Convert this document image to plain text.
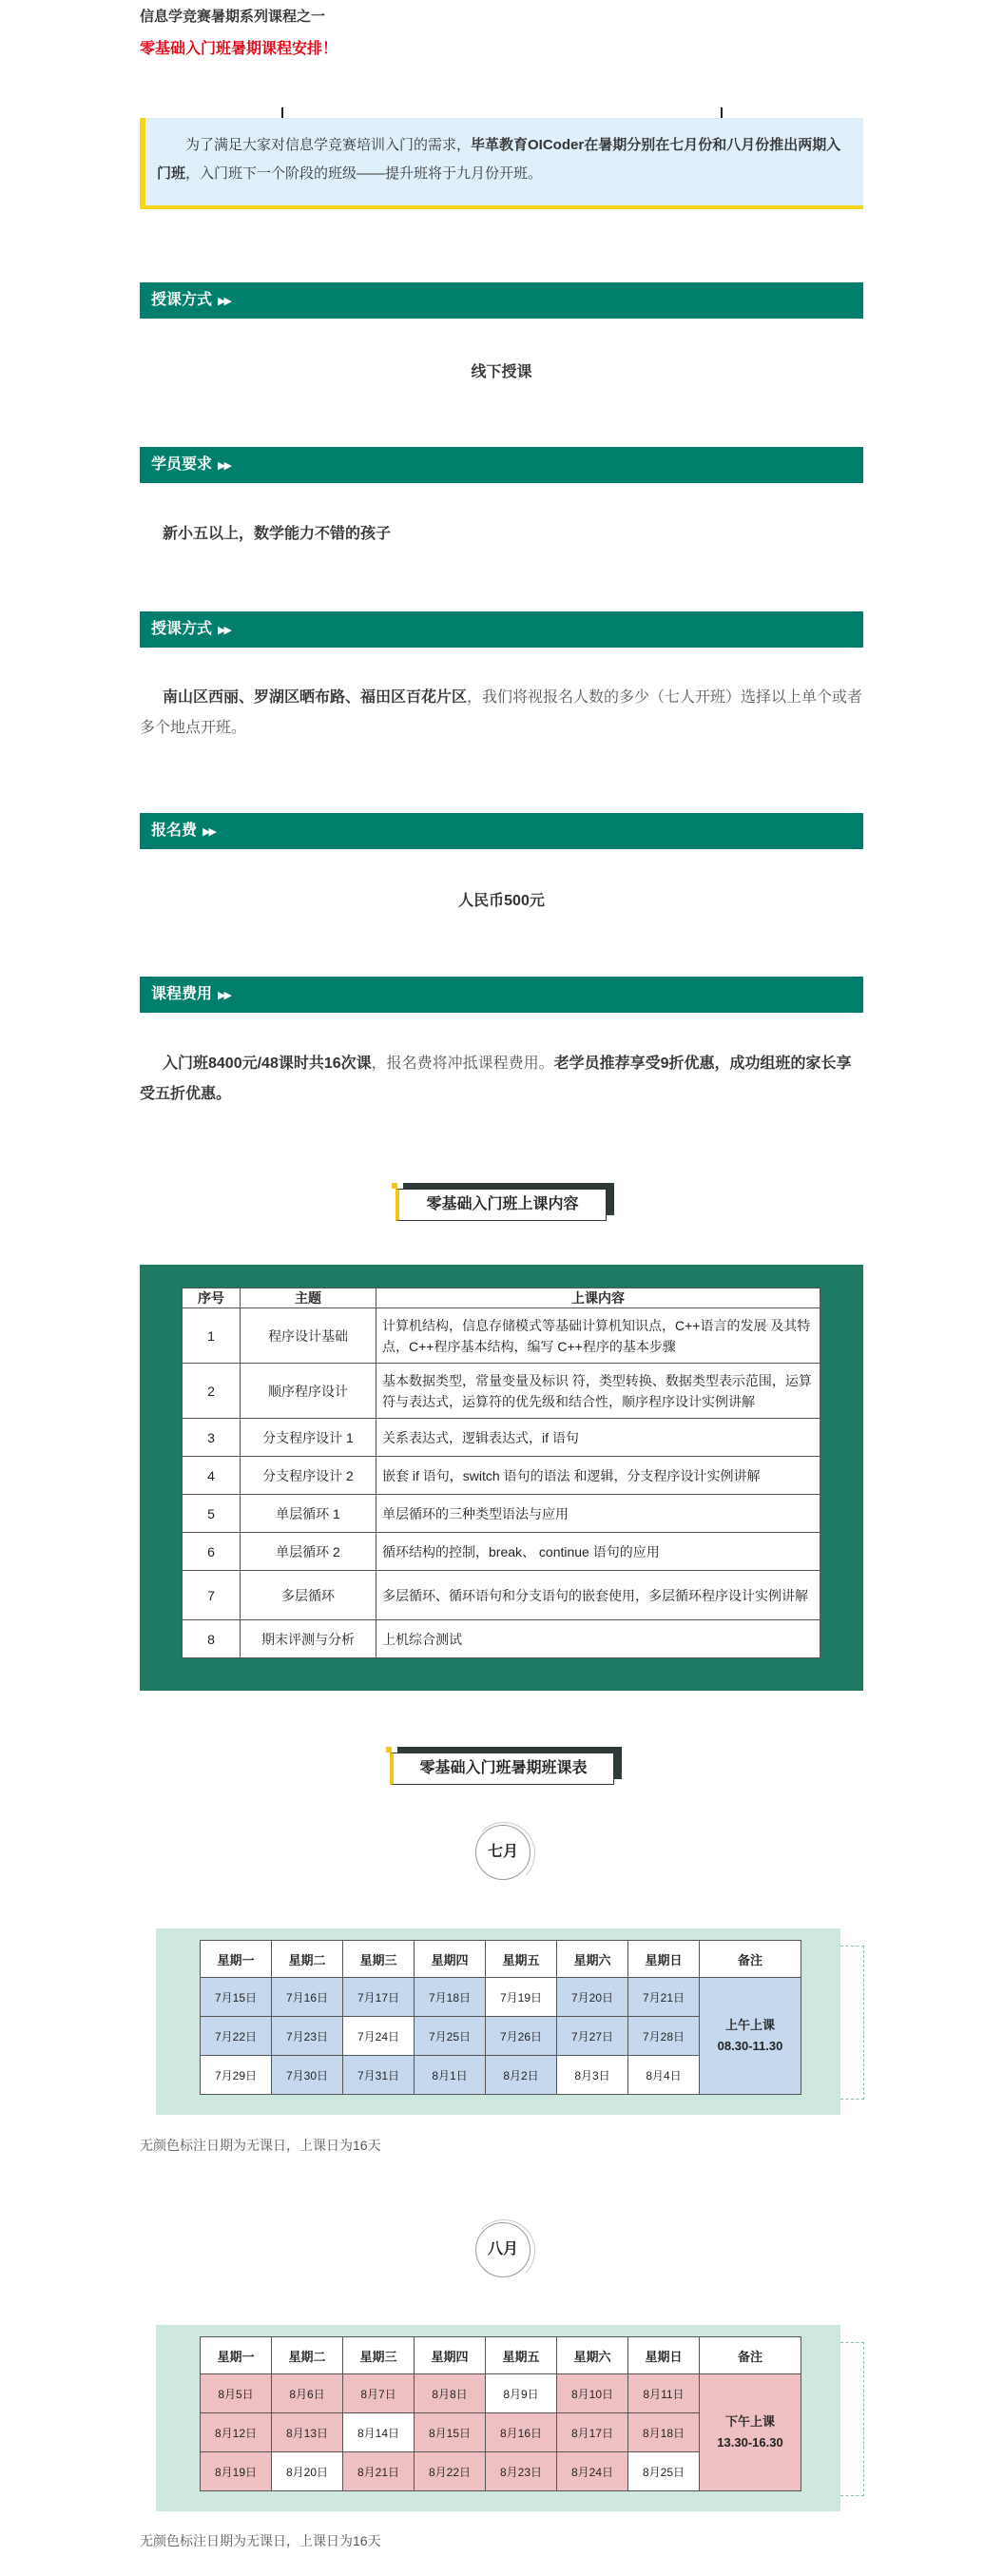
信息学竞赛暑期系列课程之一
零基础入门班暑期课程安排！

为了满足大家对信息学竞赛培训入门的需求，毕革教育OICoder在暑期分别在七月份和八月份推出两期入门班，入门班下一个阶段的班级——提升班将于九月份开班。

授课方式 ▶▶
线下授课
学员要求 ▶▶
新小五以上，数学能力不错的孩子
授课方式 ▶▶
南山区西丽、罗湖区晒布路、福田区百花片区，我们将视报名人数的多少（七人开班）选择以上单个或者多个地点开班。
报名费 ▶▶
人民币500元
课程费用 ▶▶
入门班8400元/48课时共16次课，报名费将冲抵课程费用。老学员推荐享受9折优惠，成功组班的家长享受五折优惠。
零基础入门班上课内容
序号	主题	上课内容
1	程序设计基础	计算机结构，信息存储模式等基础计算机知识点，C++语言的发展 及其特点，C++程序基本结构，编写 C++程序的基本步骤
2	顺序程序设计	基本数据类型，常量变量及标识 符，类型转换、数据类型表示范围，运算符与表达式，运算符的优先级和结合性，顺序程序设计实例讲解
3	分支程序设计 1	关系表达式，逻辑表达式，if 语句
4	分支程序设计 2	嵌套 if 语句，switch 语句的语法 和逻辑，分支程序设计实例讲解
5	单层循环 1	单层循环的三种类型语法与应用
6	单层循环 2	循环结构的控制，break、 continue 语句的应用
7	多层循环	多层循环、循环语句和分支语句的嵌套使用，多层循环程序设计实例讲解
8	期末评测与分析	上机综合测试
零基础入门班暑期班课表
七月
星期一	星期二	星期三	星期四	星期五	星期六	星期日	备注
7月15日	7月16日	7月17日	7月18日	7月19日	7月20日	7月21日	上午上课
08.30-11.30
7月22日	7月23日	7月24日	7月25日	7月26日	7月27日	7月28日	
7月29日	7月30日	7月31日	8月1日	8月2日	8月3日	8月4日	
无颜色标注日期为无课日，上课日为16天
八月
星期一	星期二	星期三	星期四	星期五	星期六	星期日	备注
8月5日	8月6日	8月7日	8月8日	8月9日	8月10日	8月11日	下午上课
13.30-16.30
8月12日	8月13日	8月14日	8月15日	8月16日	8月17日	8月18日	
8月19日	8月20日	8月21日	8月22日	8月23日	8月24日	8月25日	
无颜色标注日期为无课日，上课日为16天
